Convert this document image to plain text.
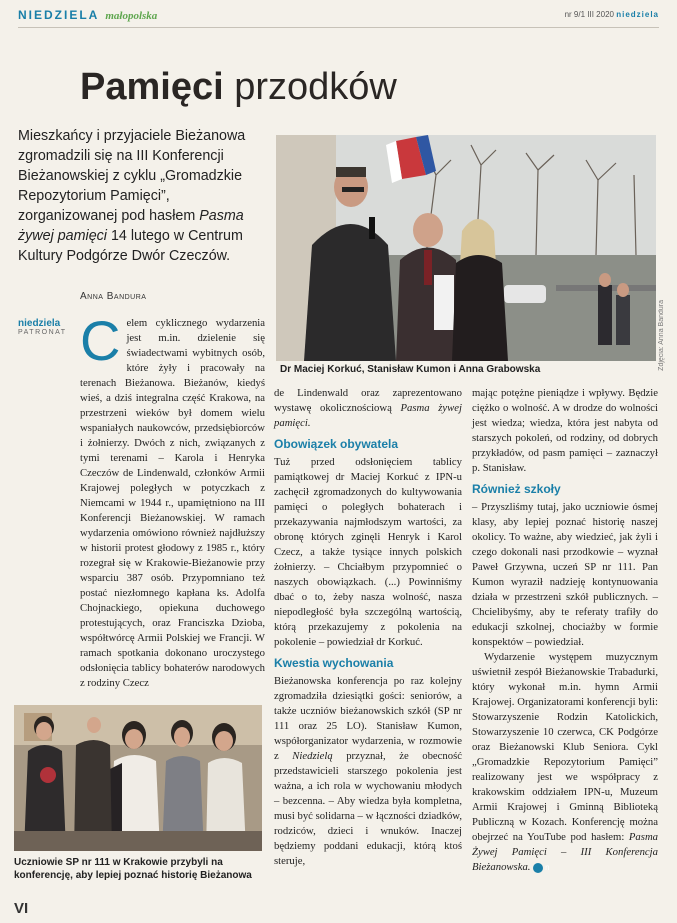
NIEDZIELA małopolska	nr 9/1 III 2020 niedziela
Pamięci przodków
Mieszkańcy i przyjaciele Bieżanowa zgromadzili się na III Konferencji Bieżanowskiej z cyklu „Gromadzkie Repozytorium Pamięci”, zorganizowanej pod hasłem Pasma żywej pamięci 14 lutego w Centrum Kultury Podgórze Dwór Czeczów.
Anna Bandura
niedziela
PATRONAT
Dr Maciej Korkuć, Stanisław Kumon i Anna Grabowska	Zdjęcia: Anna Bandura
Celem cyklicznego wydarzenia jest m.in. dzielenie się świadectwami wybitnych osób, które żyły i pracowały na terenach Bieżanowa. Bieżanów, kiedyś wieś, a dziś integralna część Krakowa, na przestrzeni wieków był domem wielu wspaniałych naukowców, przedsiębiorców i żołnierzy. Dwóch z nich, związanych z tymi terenami – Karola i Henryka Czeczów de Lindenwald, członków Armii Krajowej poległych w potyczkach z Niemcami w 1944 r., upamiętniono na III Konferencji Bieżanowskiej. W ramach wydarzenia omówiono również najdłuższy w historii protest głodowy z 1985 r., który rozegrał się w Krakowie-Bieżanowie przy wsparciu 387 osób. Przypomniano też postać niezłomnego kapłana ks. Adolfa Chojnackiego, opiekuna duchowego protestujących, oraz Franciszka Dzioba, współtwórcę Armii Polskiej we Francji. W ramach spotkania dokonano uroczystego odsłonięcia tablicy bohaterów narodowych z rodziny Czecz
de Lindenwald oraz zaprezentowano wystawę okolicznościową Pasma żywej pamięci.
Obowiązek obywatela
Tuż przed odsłonięciem tablicy pamiątkowej dr Maciej Korkuć z IPN-u zachęcił zgromadzonych do kultywowania pamięci o poległych bohaterach i przekazywania najmłodszym wartości, za obronę których zginęli Henryk i Karol Czecz, a także tysiące innych polskich żołnierzy. – Chciałbym przypomnieć o naszych obowiązkach. (...) Powinniśmy dbać o to, żeby nasza wolność, nasza niepodległość była szczególną wartością, którą przekazujemy z pokolenia na pokolenie – powiedział dr Korkuć.
Kwestia wychowania
Bieżanowska konferencja po raz kolejny zgromadziła dziesiątki gości: seniorów, a także uczniów bieżanowskich szkół (SP nr 111 oraz 25 LO). Stanisław Kumon, współorganizator wydarzenia, w rozmowie z Niedzielą przyznał, że obecność przedstawicieli starszego pokolenia jest ważna, a ich rola w wychowaniu młodych – bezcenna. – Aby wiedza była kompletna, musi być solidarna – w łączności dziadków, rodziców, dzieci i wnuków. Inaczej będziemy poddani edukacji, którą ktoś steruje,
mając potężne pieniądze i wpływy. Będzie ciężko o wolność. A w drodze do wolności jest wiedza; wiedza, która jest nabyta od starszych pokoleń, od rodziny, od dobrych przykładów, od pasm pamięci – zaznaczył p. Stanisław.
Również szkoły
– Przyszliśmy tutaj, jako uczniowie ósmej klasy, aby lepiej poznać historię naszej okolicy. To ważne, aby wiedzieć, jak żyli i czego dokonali nasi przodkowie – wyznał Paweł Grzywna, uczeń SP nr 111. Pan Kumon wyraził nadzieję kontynuowania działa w przestrzeni szkół publicznych. – Chcielibyśmy, aby te referaty trafiły do edukacji szkolnej, chociażby w formie konspektów – powiedział.
Wydarzenie występem muzycznym uświetnił zespół Bieżanowskie Trabadurki, który wykonał m.in. hymn Armii Krajowej. Organizatorami konferencji byli: Stowarzyszenie Rodzin Katolickich, Stowarzyszenie 10 czerwca, CK Podgórze oraz Bieżanowski Klub Seniora. Cykl „Gromadzkie Repozytorium Pamięci” realizowany jest we współpracy z krakowskim oddziałem IPN-u, Muzeum Armii Krajowej i Gminną Biblioteką Publiczną w Kozach. Konferencję można obejrzeć na YouTube pod hasłem: Pasma Żywej Pamięci – III Konferencja Bieżanowska. n
Uczniowie SP nr 111 w Krakowie przybyli na konferencję, aby lepiej poznać historię Bieżanowa
VI
